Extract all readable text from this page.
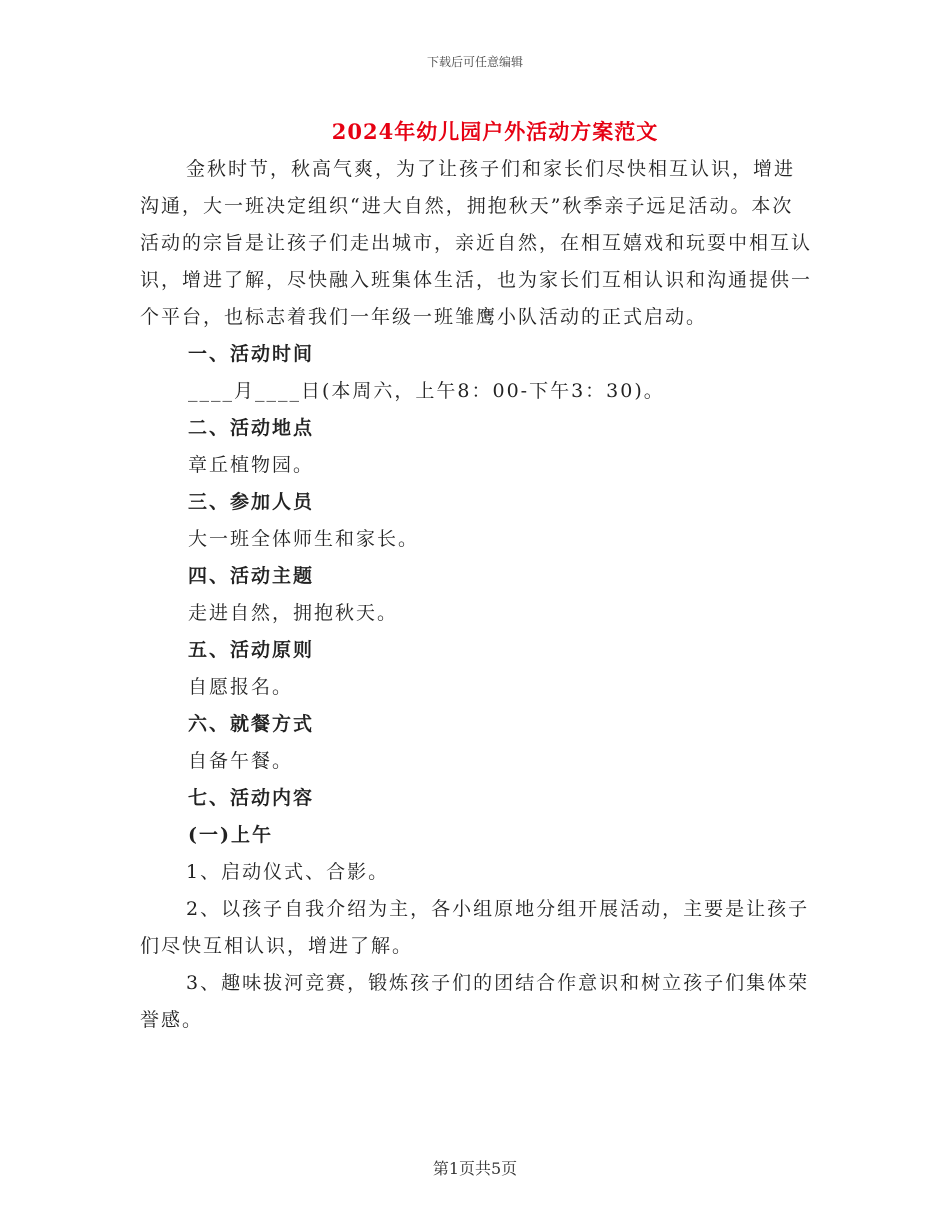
下载后可任意编辑
2024年幼儿园户外活动方案范文

金秋时节，秋高气爽，为了让孩子们和家长们尽快相互认识，增进沟通，大一班决定组织“进大自然，拥抱秋天”秋季亲子远足活动。本次活动的宗旨是让孩子们走出城市，亲近自然，在相互嬉戏和玩耍中相互认识，增进了解，尽快融入班集体生活，也为家长们互相认识和沟通提供一个平台，也标志着我们一年级一班雏鹰小队活动的正式启动。

一、活动时间

____月____日(本周六，上午8：00-下午3：30)。

二、活动地点

章丘植物园。

三、参加人员

大一班全体师生和家长。

四、活动主题

走进自然，拥抱秋天。

五、活动原则

自愿报名。

六、就餐方式

自备午餐。

七、活动内容

(一)上午

1、启动仪式、合影。

2、以孩子自我介绍为主，各小组原地分组开展活动，主要是让孩子们尽快互相认识，增进了解。

3、趣味拔河竞赛，锻炼孩子们的团结合作意识和树立孩子们集体荣誉感。

第1页共5页
